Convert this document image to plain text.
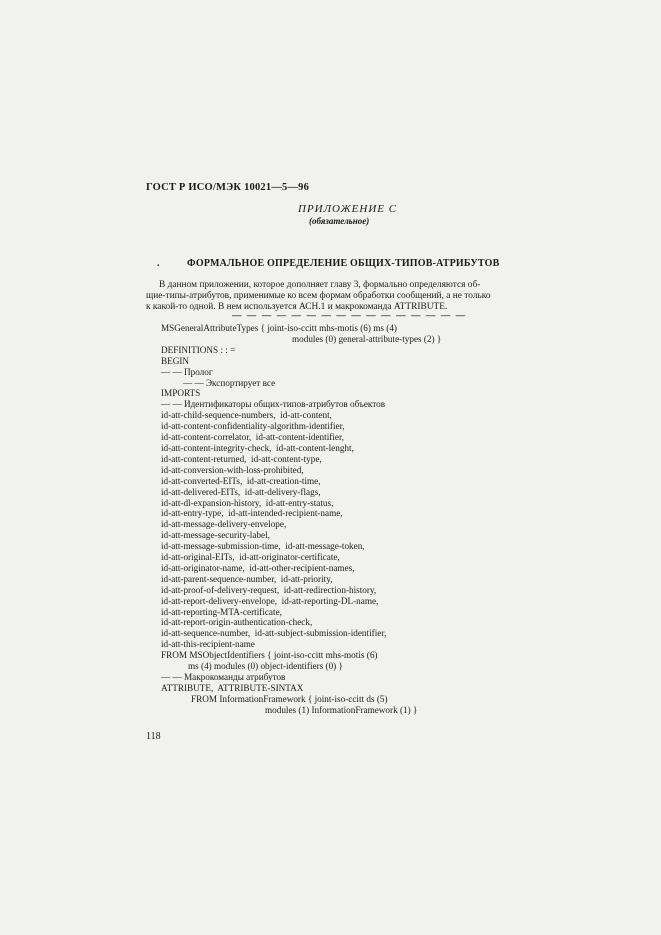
ГОСТ Р ИСО/МЭК 10021—5—96
ПРИЛОЖЕНИЕ С
(обязательное)
.	ФОРМАЛЬНОЕ ОПРЕДЕЛЕНИЕ ОБЩИХ-ТИПОВ-АТРИБУТОВ
В данном приложении, которое дополняет главу 3, формально определяются об-
щие-типы-атрибутов, применимые ко всем формам обработки сообщений, а не только
к какой-то одной. В нем используется АСН.1 и макрокоманда ATTRIBUTE.
— — — — — — — — — — — — — — — —
MSGeneralAttributeTypes { joint-iso-ccitt mhs-motis (6) ms (4)
modules (0) general-attribute-types (2) }
DEFINITIONS : : =
BEGIN
— — Пролог
— — Экспортирует все
IMPORTS
— — Идентификаторы общих-типов-атрибутов объектов
id-att-child-sequence-numbers,  id-att-content,
id-att-content-confidentiality-algorithm-identifier,
id-att-content-correlator,  id-att-content-identifier,
id-att-content-integrity-check,  id-att-content-lenght,
id-att-content-returned,  id-att-content-type,
id-att-conversion-with-loss-prohibited,
id-att-converted-EITs,  id-att-creation-time,
id-att-delivered-EITs,  id-att-delivery-flags,
id-att-dl-expansion-history,  id-att-entry-status,
id-att-entry-type,  id-att-intended-recipient-name,
id-att-message-delivery-envelope,
id-att-message-security-label,
id-att-message-submission-time,  id-att-message-token,
id-att-original-EITs,  id-att-originator-certificate,
id-att-originator-name,  id-att-other-recipient-names,
id-att-parent-sequence-number,  id-att-priority,
id-att-proof-of-delivery-request,  id-att-redirection-history,
id-att-report-delivery-envelope,  id-att-reporting-DL-name,
id-att-reporting-MTA-certificate,
id-att-report-origin-authentication-check,
id-att-sequence-number,  id-att-subject-submission-identifier,
id-att-this-recipient-name
FROM MSObjectIdentifiers { joint-iso-ccitt mhs-motis (6)
ms (4) modules (0) object-identifiers (0) }
— — Макрокоманды атрибутов
ATTRIBUTE,  ATTRIBUTE-SINTAX
FROM InformationFramework { joint-iso-ccitt ds (5)
modules (1) InformationFramework (1) }
118
